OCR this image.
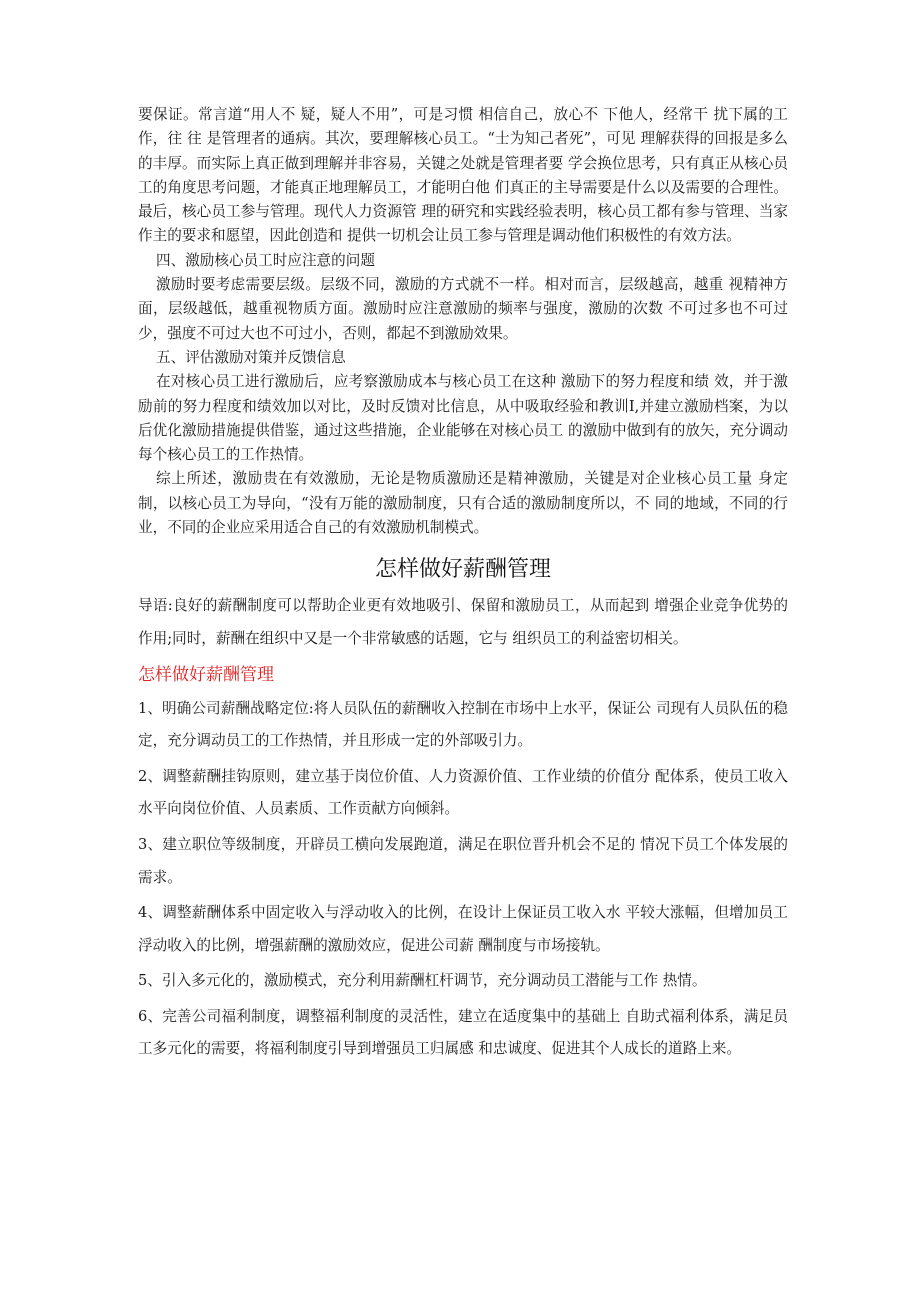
要保证。常言道“用人不 疑，疑人不用”，可是习惯 相信自己，放心不 下他人，经常干 扰下属的工作，往 往 是管理者的通病。其次，要理解核心员工。“士为知己者死”，可见 理解获得的回报是多么的丰厚。而实际上真正做到理解并非容易，关键之处就是管理者要 学会换位思考，只有真正从核心员工的角度思考问题，才能真正地理解员工，才能明白他 们真正的主导需要是什么以及需要的合理性。最后，核心员工参与管理。现代人力资源管 理的研究和实践经验表明，核心员工都有参与管理、当家作主的要求和愿望，因此创造和 提供一切机会让员工参与管理是调动他们积极性的有效方法。

四、激励核心员工时应注意的问题

激励时要考虑需要层级。层级不同，激励的方式就不一样。相对而言，层级越高，越重 视精神方面，层级越低，越重视物质方面。激励时应注意激励的频率与强度，激励的次数 不可过多也不可过少，强度不可过大也不可过小，否则，都起不到激励效果。

五、评估激励对策并反馈信息

在对核心员工进行激励后，应考察激励成本与核心员工在这种 激励下的努力程度和绩 效，并于激励前的努力程度和绩效加以对比，及时反馈对比信息，从中吸取经验和教训I,并建立激励档案，为以后优化激励措施提供借鉴，通过这些措施，企业能够在对核心员工 的激励中做到有的放矢，充分调动每个核心员工的工作热情。

综上所述，激励贵在有效激励，无论是物质激励还是精神激励，关键是对企业核心员工量 身定制，以核心员工为导向，“没有万能的激励制度，只有合适的激励制度所以，不 同的地域，不同的行业，不同的企业应采用适合自己的有效激励机制模式。

怎样做好薪酬管理

导语:良好的薪酬制度可以帮助企业更有效地吸引、保留和激励员工，从而起到 增强企业竞争优势的作用;同时，薪酬在组织中又是一个非常敏感的话题，它与 组织员工的利益密切相关。

怎样做好薪酬管理

1、明确公司薪酬战略定位:将人员队伍的薪酬收入控制在市场中上水平，保证公 司现有人员队伍的稳定，充分调动员工的工作热情，并且形成一定的外部吸引力。

2、调整薪酬挂钩原则，建立基于岗位价值、人力资源价值、工作业绩的价值分 配体系，使员工收入水平向岗位价值、人员素质、工作贡献方向倾斜。

3、建立职位等级制度，开辟员工横向发展跑道，满足在职位晋升机会不足的 情况下员工个体发展的需求。

4、调整薪酬体系中固定收入与浮动收入的比例，在设计上保证员工收入水 平较大涨幅，但增加员工浮动收入的比例，增强薪酬的激励效应，促进公司薪 酬制度与市场接轨。

5、引入多元化的，激励模式，充分利用薪酬杠杆调节，充分调动员工潜能与工作 热情。

6、完善公司福利制度，调整福利制度的灵活性，建立在适度集中的基础上 自助式福利体系，满足员工多元化的需要，将福利制度引导到增强员工归属感 和忠诚度、促进其个人成长的道路上来。
